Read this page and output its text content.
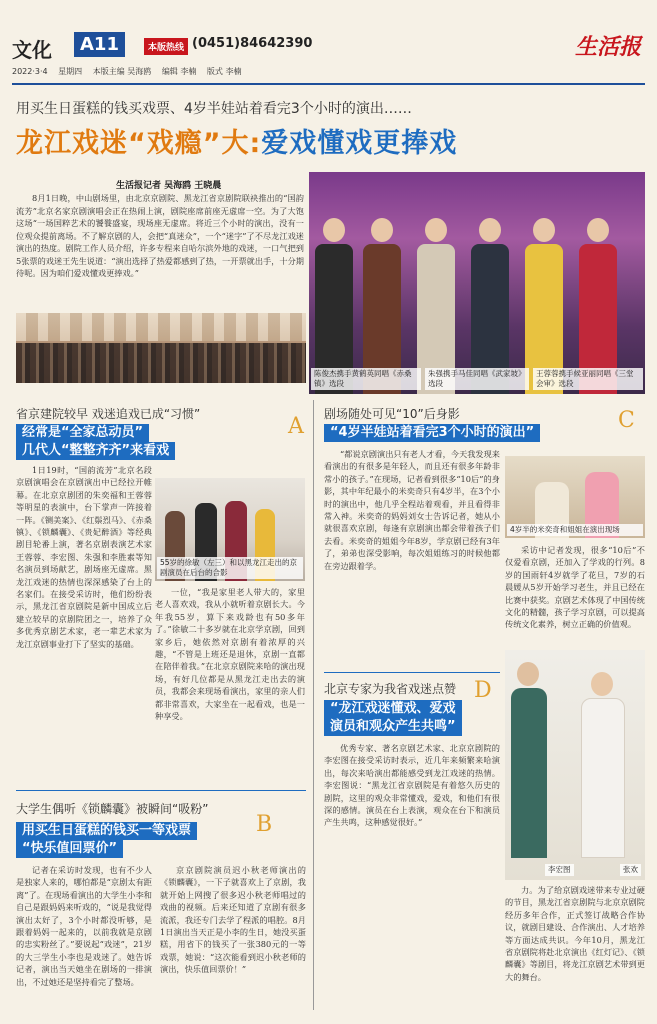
文化	A11	本版热线 (0451)84642390	生活报
2022·3·4 星期四 本版主编 吴海鸥 编辑 李楠 版式 李楠
用买生日蛋糕的钱买戏票、4岁半娃站着看完3个小时的演出……
龙江戏迷“戏瘾”大:爱戏懂戏更捧戏
生活报记者 吴海鸥 王晓晨
8月1日晚，中山剧场里，由北京京剧院、黑龙江省京剧院联袂推出的“国韵流芳”北京名家京剧演唱会正在热闹上演，剧院座席前座无虚席一空。为了大饱这场“一场国粹艺术的饕餮盛宴，现场座无虚席。将近三个小时的演出，没有一位观众提前离场。不了解京剧的人，会把“真迷众”，一个“迷字”了不尽龙江戏迷演出的热度。剧院工作人员介绍，许多专程来自哈尔滨外地的戏迷，一口气把到5张票的戏迷王先生说道：“演出选择了热爱都感到了热，一开票就出手，十分期待呢。因为咱们爱戏懂戏更捧戏。”
陈俊杰携手黄鹤英同唱《赤桑镇》选段
朱强携手马佳同唱《武家坡》选段
王蓉蓉携手候亚丽同唱《三堂会审》选段
省京建院较早 戏迷追戏已成“习惯”	A
经常是“全家总动员”
几代人“整整齐齐”来看戏

1日19时，“国韵流芳”北京名段京剧演唱会在京剧演出中已经拉开帷幕。在北京京剧团的朱奕福和王蓉蓉等明星的表演中，台下掌声一阵接着一阵。《铡美案》、《红鬃烈马》、《赤桑镇》、《锁麟囊》、《贵妃醉酒》等经典剧目轮番上演，著名京剧表演艺术家王蓉蓉、李宏图、朱强和李胜素等知名演员到场献艺，剧场座无虚席。黑龙江戏迷的热情也深深感染了台上的名家们。在接受采访时，他们纷纷表示，黑龙江省京剧院是新中国成立后建立较早的京剧院团之一，培养了众多优秀京剧艺术家，老一辈艺术家为龙江京剧事业打下了坚实的基础。

55岁的徐敏（左三）和以黑龙江走出的京剧演员在后台的合影

一位，“我是家里老人带大的，家里老人喜欢戏，我从小就听着京剧长大。今年我55岁，算下来戏龄也有50多年了。”徐敏二十多岁就在北京学京剧，回到家乡后，她依然对京剧有着浓厚的兴趣，“不管是上班还是退休，京剧一直都在陪伴着我。”在北京京剧院来哈的演出现场，有好几位都是从黑龙江走出去的演员，我都会来现场看演出，家里的亲人们都非常喜欢，大家坐在一起看戏，也是一种享受。

大学生偶听《锁麟囊》被瞬间“吸粉”
B
用买生日蛋糕的钱买一等戏票
“快乐值回票价”

记者在采访时发现，也有不少人是独家人来的，哪怕都是“京剧太有距离”了。在现场看演出的大学生小李和自己是跟妈妈来听戏的，“说是我觉得演出太好了，3个小时都没听够，是跟着妈妈一起来的，以前我就是京剧的忠实粉丝了。”要说起“戏迷”，21岁的大三学生小李也是戏迷了。她告诉记者，演出当天她坐在剧场的一排演出，不过她还是坚持看完了整场。

京京剧院演员迟小秋老师演出的《锁麟囊》，一下子就喜欢上了京剧，我就开始上网搜了很多迟小秋老师唱过的戏曲的视频。后来还知道了京剧有很多流派，我还专门去学了程派的唱腔。8月1日演出当天正是小李的生日，她没买蛋糕，用省下的钱买了一张380元的一等戏票，她说：“这次能看到迟小秋老师的演出，快乐值回票价！”

剧场随处可见“10”后身影	C
“4岁半娃站着看完3个小时的演出”

“都说京剧演出只有老人才看，今天我发现来看演出的有很多是年轻人，而且还有很多年龄非常小的孩子。”在现场，记者看到很多“10后”的身影，其中年纪最小的米奕奇只有4岁半，在3个小时的演出中，他几乎全程站着观看，并且看得非常入神。米奕奇的妈妈刘女士告诉记者，她从小就很喜欢京剧，每逢有京剧演出都会带着孩子们去看。米奕奇的姐姐今年8岁，学京剧已经有3年了，弟弟也深受影响，每次姐姐练习的时候他都在旁边跟着学。

4岁半的米奕奇和姐姐在演出现场

采访中记者发现，很多“10后”不仅爱看京剧，还加入了学戏的行列。8岁的国雨轩4岁就学了花旦，7岁的石晨媛从5岁开始学习老生，并且已经在比赛中获奖。京剧艺术体现了中国传统文化的精髓，孩子学习京剧，可以提高传统文化素养，树立正确的价值观。

D
北京专家为我省戏迷点赞
“龙江戏迷懂戏、爱戏
演员和观众产生共鸣”

优秀专家、著名京剧艺术家、北京京剧院的李宏图在接受采访时表示，近几年来频繁来哈演出，每次来哈演出都能感受到龙江戏迷的热情。李宏图说：“黑龙江省京剧院是有着悠久历史的剧院，这里的观众非常懂戏，爱戏，和他们有很深的感情。演员在台上表演，观众在台下和演员产生共鸣，这种感觉很好。”

李宏图	张欢

力。为了给京剧戏迷带来专业过硬的节目，黑龙江省京剧院与北京京剧院经历多年合作，正式签订战略合作协议，就剧目建设、合作演出、人才培养等方面达成共识。今年10月，黑龙江省京剧院将赴北京演出《红灯记》、《锁麟囊》等剧目，将龙江京剧艺术带到更大的舞台。
